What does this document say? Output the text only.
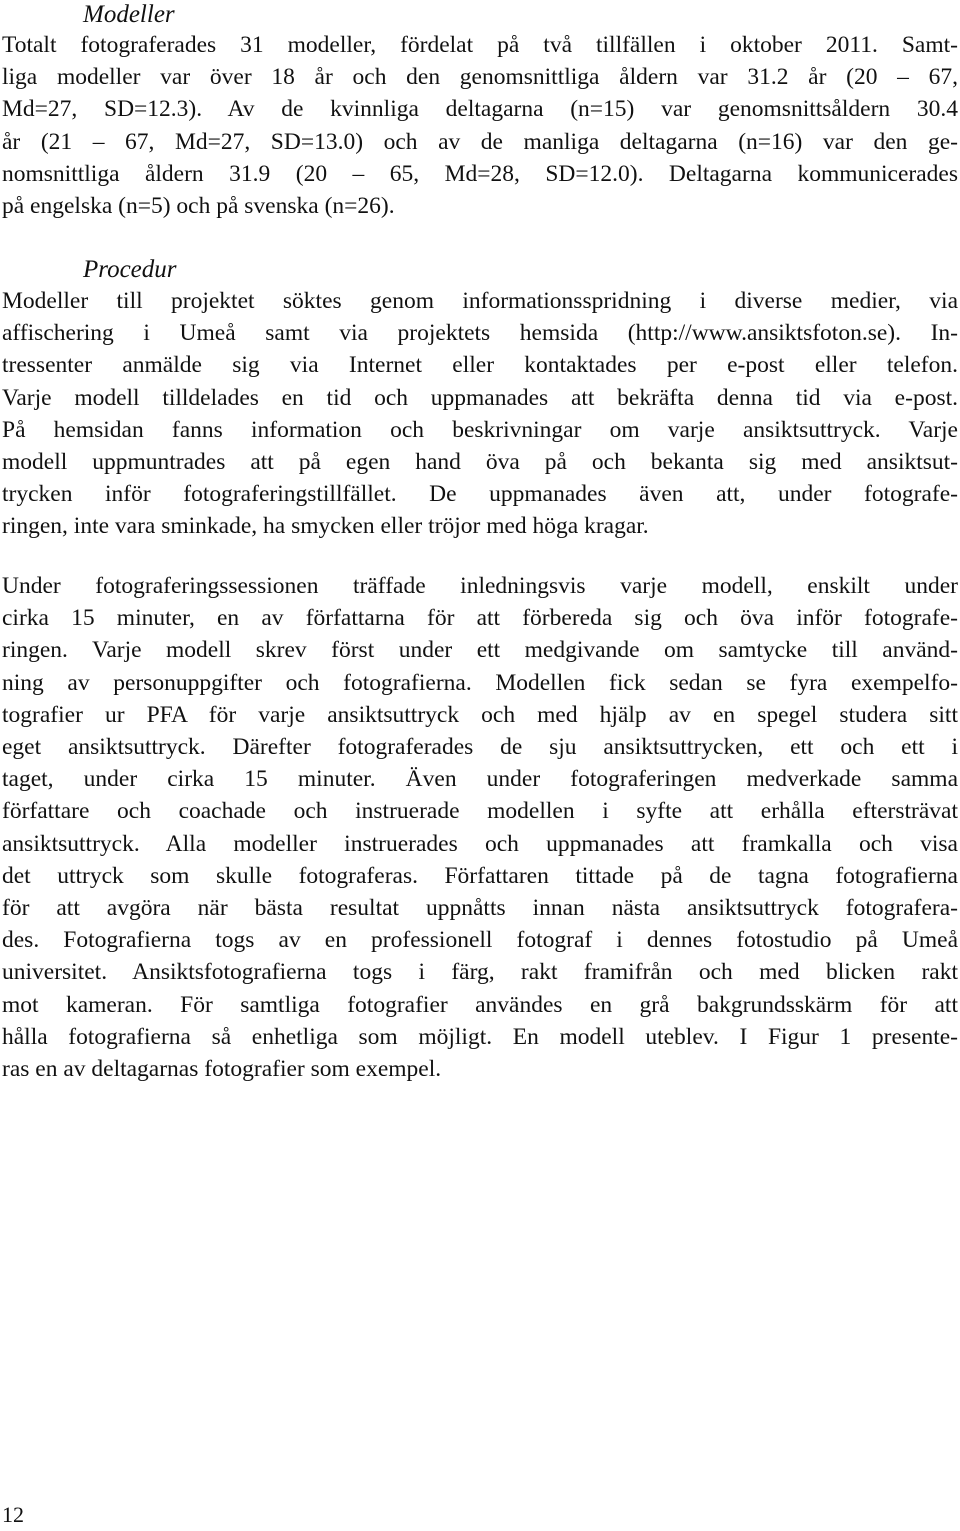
Modeller

Totalt fotograferades 31 modeller, fördelat på två tillfällen i oktober 2011. Samt-
liga modeller var över 18 år och den genomsnittliga åldern var 31.2 år (20 – 67,
Md=27, SD=12.3). Av de kvinnliga deltagarna (n=15) var genomsnittsåldern 30.4
år (21 – 67, Md=27, SD=13.0) och av de manliga deltagarna (n=16) var den ge-
nomsnittliga åldern 31.9 (20 – 65, Md=28, SD=12.0). Deltagarna kommunicerades
på engelska (n=5) och på svenska (n=26).

Procedur

Modeller till projektet söktes genom informationsspridning i diverse medier, via
affischering i Umeå samt via projektets hemsida (http://www.ansiktsfoton.se). In-
tressenter anmälde sig via Internet eller kontaktades per e-post eller telefon.
Varje modell tilldelades en tid och uppmanades att bekräfta denna tid via e-post.
På hemsidan fanns information och beskrivningar om varje ansiktsuttryck. Varje
modell uppmuntrades att på egen hand öva på och bekanta sig med ansiktsut-
trycken inför fotograferingstillfället. De uppmanades även att, under fotografe-
ringen, inte vara sminkade, ha smycken eller tröjor med höga kragar.

Under fotograferingssessionen träffade inledningsvis varje modell, enskilt under
cirka 15 minuter, en av författarna för att förbereda sig och öva inför fotografe-
ringen. Varje modell skrev först under ett medgivande om samtycke till använd-
ning av personuppgifter och fotografierna. Modellen fick sedan se fyra exempelfo-
tografier ur PFA för varje ansiktsuttryck och med hjälp av en spegel studera sitt
eget ansiktsuttryck. Därefter fotograferades de sju ansiktsuttrycken, ett och ett i
taget, under cirka 15 minuter. Även under fotograferingen medverkade samma
författare och coachade och instruerade modellen i syfte att erhålla eftersträvat
ansiktsuttryck. Alla modeller instruerades och uppmanades att framkalla och visa
det uttryck som skulle fotograferas. Författaren tittade på de tagna fotografierna
för att avgöra när bästa resultat uppnåtts innan nästa ansiktsuttryck fotografera-
des. Fotografierna togs av en professionell fotograf i dennes fotostudio på Umeå
universitet. Ansiktsfotografierna togs i färg, rakt framifrån och med blicken rakt
mot kameran. För samtliga fotografier användes en grå bakgrundsskärm för att
hålla fotografierna så enhetliga som möjligt. En modell uteblev. I Figur 1 presente-
ras en av deltagarnas fotografier som exempel.

12
